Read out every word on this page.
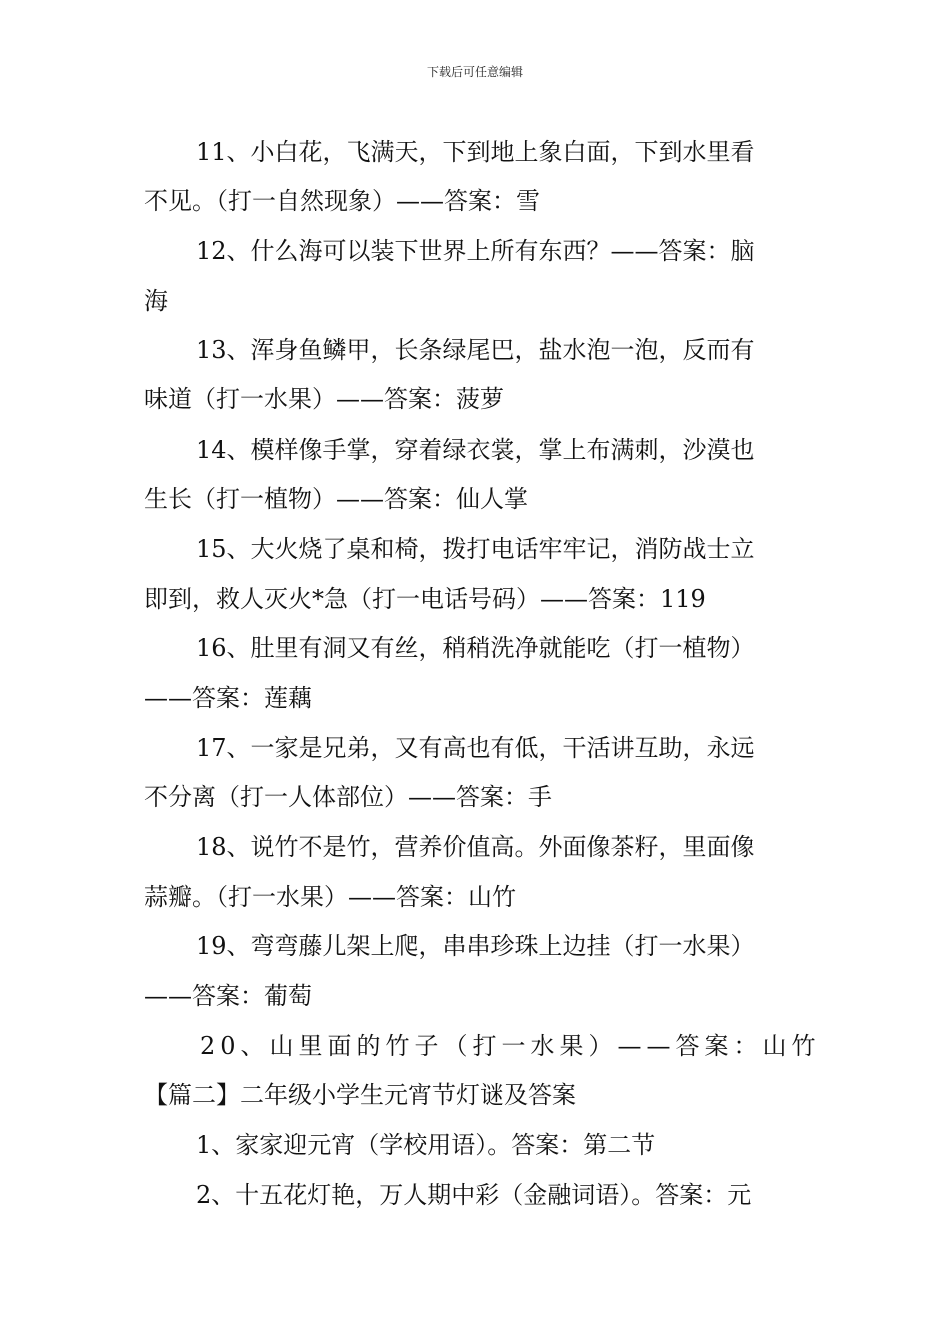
下载后可任意编辑
11、小白花，飞满天，下到地上象白面，下到水里看
不见。（打一自然现象）——答案：雪
12、什么海可以装下世界上所有东西？——答案：脑
海
13、浑身鱼鳞甲，长条绿尾巴，盐水泡一泡，反而有
味道（打一水果）——答案：菠萝
14、模样像手掌，穿着绿衣裳，掌上布满刺，沙漠也
生长（打一植物）——答案：仙人掌
15、大火烧了桌和椅，拨打电话牢牢记，消防战士立
即到，救人灭火*急（打一电话号码）——答案：119
16、肚里有洞又有丝，稍稍洗净就能吃（打一植物）
——答案：莲藕
17、一家是兄弟，又有高也有低，干活讲互助，永远
不分离（打一人体部位）——答案：手
18、说竹不是竹，营养价值高。外面像茶籽，里面像
蒜瓣。（打一水果）——答案：山竹
19、弯弯藤儿架上爬，串串珍珠上边挂（打一水果）
——答案：葡萄
20、山里面的竹子（打一水果）——答案：山竹
【篇二】二年级小学生元宵节灯谜及答案
1、家家迎元宵（学校用语）。答案：第二节
2、十五花灯艳，万人期中彩（金融词语）。答案：元
